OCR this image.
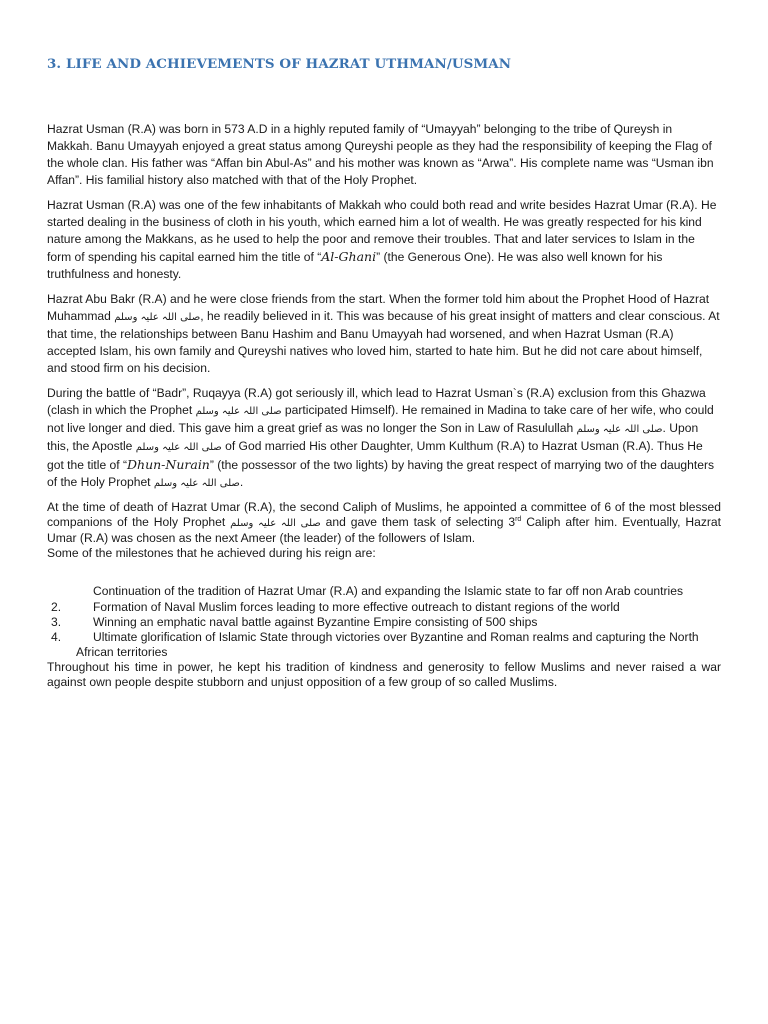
3. LIFE AND ACHIEVEMENTS OF HAZRAT UTHMAN/USMAN

Hazrat Usman (R.A) was born in 573 A.D in a highly reputed family of “Umayyah” belonging to the tribe of Qureysh in Makkah. Banu Umayyah enjoyed a great status among Qureyshi people as they had the responsibility of keeping the Flag of the whole clan. His father was “Affan bin Abul-As” and his mother was known as “Arwa”. His complete name was “Usman ibn Affan”. His familial history also matched with that of the Holy Prophet.

Hazrat Usman (R.A) was one of the few inhabitants of Makkah who could both read and write besides Hazrat Umar (R.A). He started dealing in the business of cloth in his youth, which earned him a lot of wealth. He was greatly respected for his kind nature among the Makkans, as he used to help the poor and remove their troubles. That and later services to Islam in the form of spending his capital earned him the title of “Al-Ghani” (the Generous One). He was also well known for his truthfulness and honesty.

Hazrat Abu Bakr (R.A) and he were close friends from the start. When the former told him about the Prophet Hood of Hazrat Muhammad صلی اللہ علیہ وسلم, he readily believed in it. This was because of his great insight of matters and clear conscious. At that time, the relationships between Banu Hashim and Banu Umayyah had worsened, and when Hazrat Usman (R.A) accepted Islam, his own family and Qureyshi natives who loved him, started to hate him. But he did not care about himself, and stood firm on his decision.

During the battle of “Badr”, Ruqayya (R.A) got seriously ill, which lead to Hazrat Usman`s (R.A) exclusion from this Ghazwa (clash in which the Prophet صلی اللہ علیہ وسلم participated Himself). He remained in Madina to take care of her wife, who could not live longer and died. This gave him a great grief as was no longer the Son in Law of Rasulullah صلی اللہ علیہ وسلم. Upon this, the Apostle صلی اللہ علیہ وسلم of God married His other Daughter, Umm Kulthum (R.A) to Hazrat Usman (R.A). Thus He got the title of “Dhun-Nurain” (the possessor of the two lights) by having the great respect of marrying two of the daughters of the Holy Prophet صلی اللہ علیہ وسلم.

At the time of death of Hazrat Umar (R.A), the second Caliph of Muslims, he appointed a committee of 6 of the most blessed companions of the Holy Prophet صلی اللہ علیہ وسلم and gave them task of selecting 3rd Caliph after him. Eventually, Hazrat Umar (R.A) was chosen as the next Ameer (the leader) of the followers of Islam.
Some of the milestones that he achieved during his reign are:
Continuation of the tradition of Hazrat Umar (R.A) and expanding the Islamic state to far off non Arab countries
2.	Formation of Naval Muslim forces leading to more effective outreach to distant regions of the world
3.	Winning an emphatic naval battle against Byzantine Empire consisting of 500 ships
4.	Ultimate glorification of Islamic State through victories over Byzantine and Roman realms and capturing the North African territories
Throughout his time in power, he kept his tradition of kindness and generosity to fellow Muslims and never raised a war against own people despite stubborn and unjust opposition of a few group of so called Muslims.
